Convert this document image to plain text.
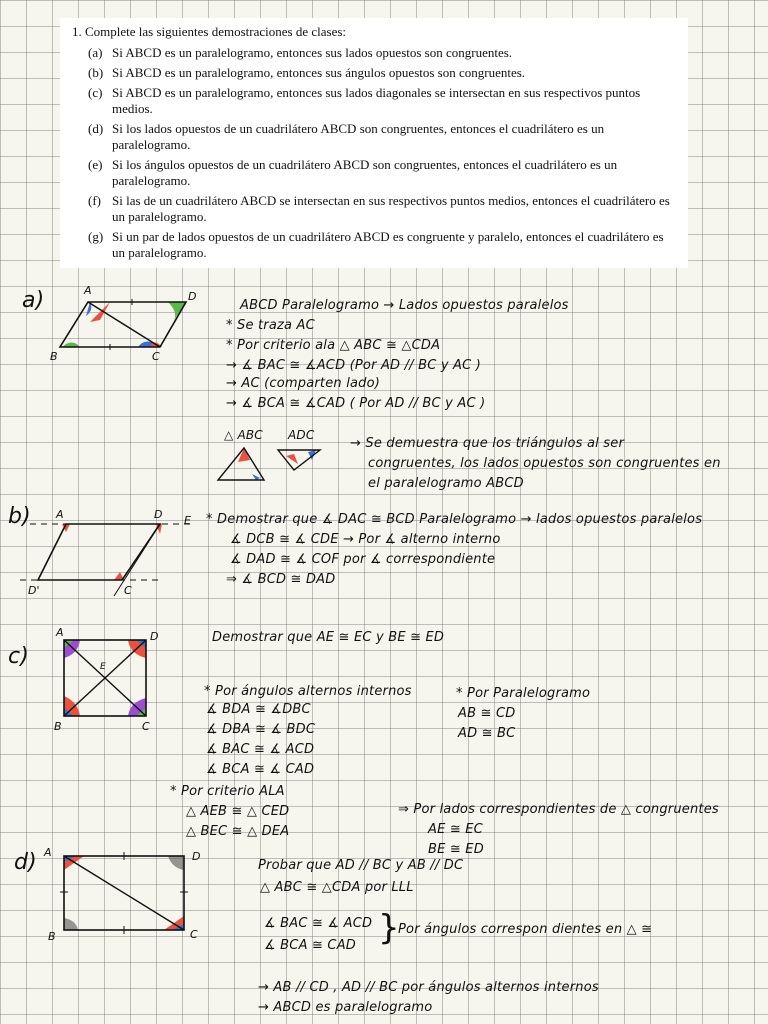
1. Complete las siguientes demostraciones de clases:
(a) Si ABCD es un paralelogramo, entonces sus lados opuestos son congruentes.
(b) Si ABCD es un paralelogramo, entonces sus ángulos opuestos son congruentes.
(c) Si ABCD es un paralelogramo, entonces sus lados diagonales se intersectan en sus respectivos puntos medios.
(d) Si los lados opuestos de un cuadrilátero ABCD son congruentes, entonces el cuadrilátero es un paralelogramo.
(e) Si los ángulos opuestos de un cuadrilátero ABCD son congruentes, entonces el cuadrilátero es un paralelogramo.
(f) Si las de un cuadrilátero ABCD se intersectan en sus respectivos puntos medios, entonces el cuadrilátero es un paralelogramo.
(g) Si un par de lados opuestos de un cuadrilátero ABCD es congruente y paralelo, entonces el cuadrilátero es un paralelogramo.
a)	A	D
B	C
ABCD Paralelogramo → Lados opuestos paralelos
* Se traza AC
* Por criterio ala △ ABC ≅ △CDA
→ ∡ BAC ≅ ∡ACD (Por AD // BC y AC )
→ AC (comparten lado)
→ ∡ BCA ≅ ∡CAD ( Por AD // BC y AC )
△ ABC ADC
→ Se demuestra que los triángulos al ser
congruentes, los lados opuestos son congruentes en
el paralelogramo ABCD
b) A	D E
D'	C
* Demostrar que ∡ DAC ≅ BCD Paralelogramo → lados opuestos paralelos
∡ DCB ≅ ∡ CDE → Por ∡ alterno interno
∡ DAD ≅ ∡ COF por ∡ correspondiente
⇒ ∡ BCD ≅ DAD
c)
A	D
B	C
E
Demostrar que AE ≅ EC y BE ≅ ED
* Por ángulos alternos internos
∡ BDA ≅ ∡DBC
∡ DBA ≅ ∡ BDC
∡ BAC ≅ ∡ ACD
∡ BCA ≅ ∡ CAD
* Por Paralelogramo
AB ≅ CD
AD ≅ BC
* Por criterio ALA
△ AEB ≅ △ CED
△ BEC ≅ △ DEA
⇒ Por lados correspondientes de △ congruentes
AE ≅ EC
BE ≅ ED
d) A	D
B	C
Probar que AD // BC y AB // DC
△ ABC ≅ △CDA por LLL
∡ BAC ≅ ∡ ACD
∡ BCA ≅ CAD }
Por ángulos correspon dientes en △ ≅
→ AB // CD , AD // BC por ángulos alternos internos
→ ABCD es paralelogramo
